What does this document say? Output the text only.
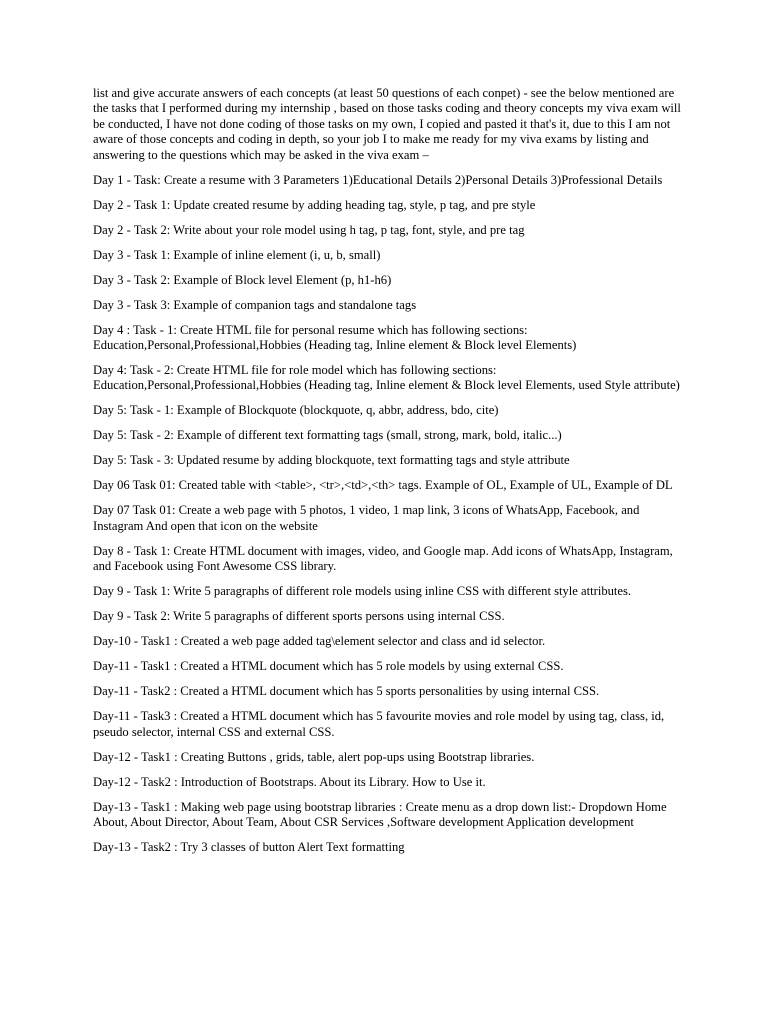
list and give accurate answers of each concepts (at least 50 questions of each conpet) - see the below mentioned are the tasks that I performed during my internship , based on those tasks coding and theory concepts my viva exam will be conducted, I have not done coding of those tasks on my own, I copied and pasted it that's it, due to this I am not aware of those concepts and coding in depth, so your job I to make me ready for my viva exams by listing and answering to the questions which may be asked in the viva exam –

Day 1 - Task: Create a resume with 3 Parameters 1)Educational Details 2)Personal Details 3)Professional Details

Day 2 - Task 1: Update created resume by adding heading tag, style, p tag, and pre style

Day 2 - Task 2: Write about your role model using h tag, p tag, font, style, and pre tag

Day 3 - Task 1: Example of inline element (i, u, b, small)

Day 3 - Task 2: Example of Block level Element (p, h1-h6)

Day 3 - Task 3: Example of companion tags and standalone tags

Day 4 : Task - 1: Create HTML file for personal resume which has following sections: Education,Personal,Professional,Hobbies (Heading tag, Inline element & Block level Elements)

Day 4: Task - 2: Create HTML file for role model which has following sections: Education,Personal,Professional,Hobbies (Heading tag, Inline element & Block level Elements, used Style attribute)

Day 5: Task - 1: Example of Blockquote (blockquote, q, abbr, address, bdo, cite)

Day 5: Task - 2: Example of different text formatting tags (small, strong, mark, bold, italic...)

Day 5: Task - 3: Updated resume by adding blockquote, text formatting tags and style attribute

Day 06 Task 01: Created table with <table>, <tr>,<td>,<th> tags. Example of OL, Example of UL, Example of DL

Day 07 Task 01: Create a web page with 5 photos, 1 video, 1 map link, 3 icons of WhatsApp, Facebook, and Instagram And open that icon on the website

Day 8 - Task 1: Create HTML document with images, video, and Google map. Add icons of WhatsApp, Instagram, and Facebook using Font Awesome CSS library.

Day 9 - Task 1: Write 5 paragraphs of different role models using inline CSS with different style attributes.

Day 9 - Task 2: Write 5 paragraphs of different sports persons using internal CSS.

Day-10 - Task1 : Created a web page added tag\element selector and class and id selector.

Day-11 - Task1 : Created a HTML document which has 5 role models by using external CSS.

Day-11 - Task2 : Created a HTML document which has 5 sports personalities by using internal CSS.

Day-11 - Task3 : Created a HTML document which has 5 favourite movies and role model by using tag, class, id, pseudo selector, internal CSS and external CSS.

Day-12 - Task1 : Creating Buttons , grids, table, alert pop-ups using Bootstrap libraries.

Day-12 - Task2 : Introduction of Bootstraps. About its Library. How to Use it.

Day-13 - Task1 : Making web page using bootstrap libraries : Create menu as a drop down list:- Dropdown Home About, About Director, About Team, About CSR Services ,Software development Application development

Day-13 - Task2 : Try 3 classes of button Alert Text formatting
